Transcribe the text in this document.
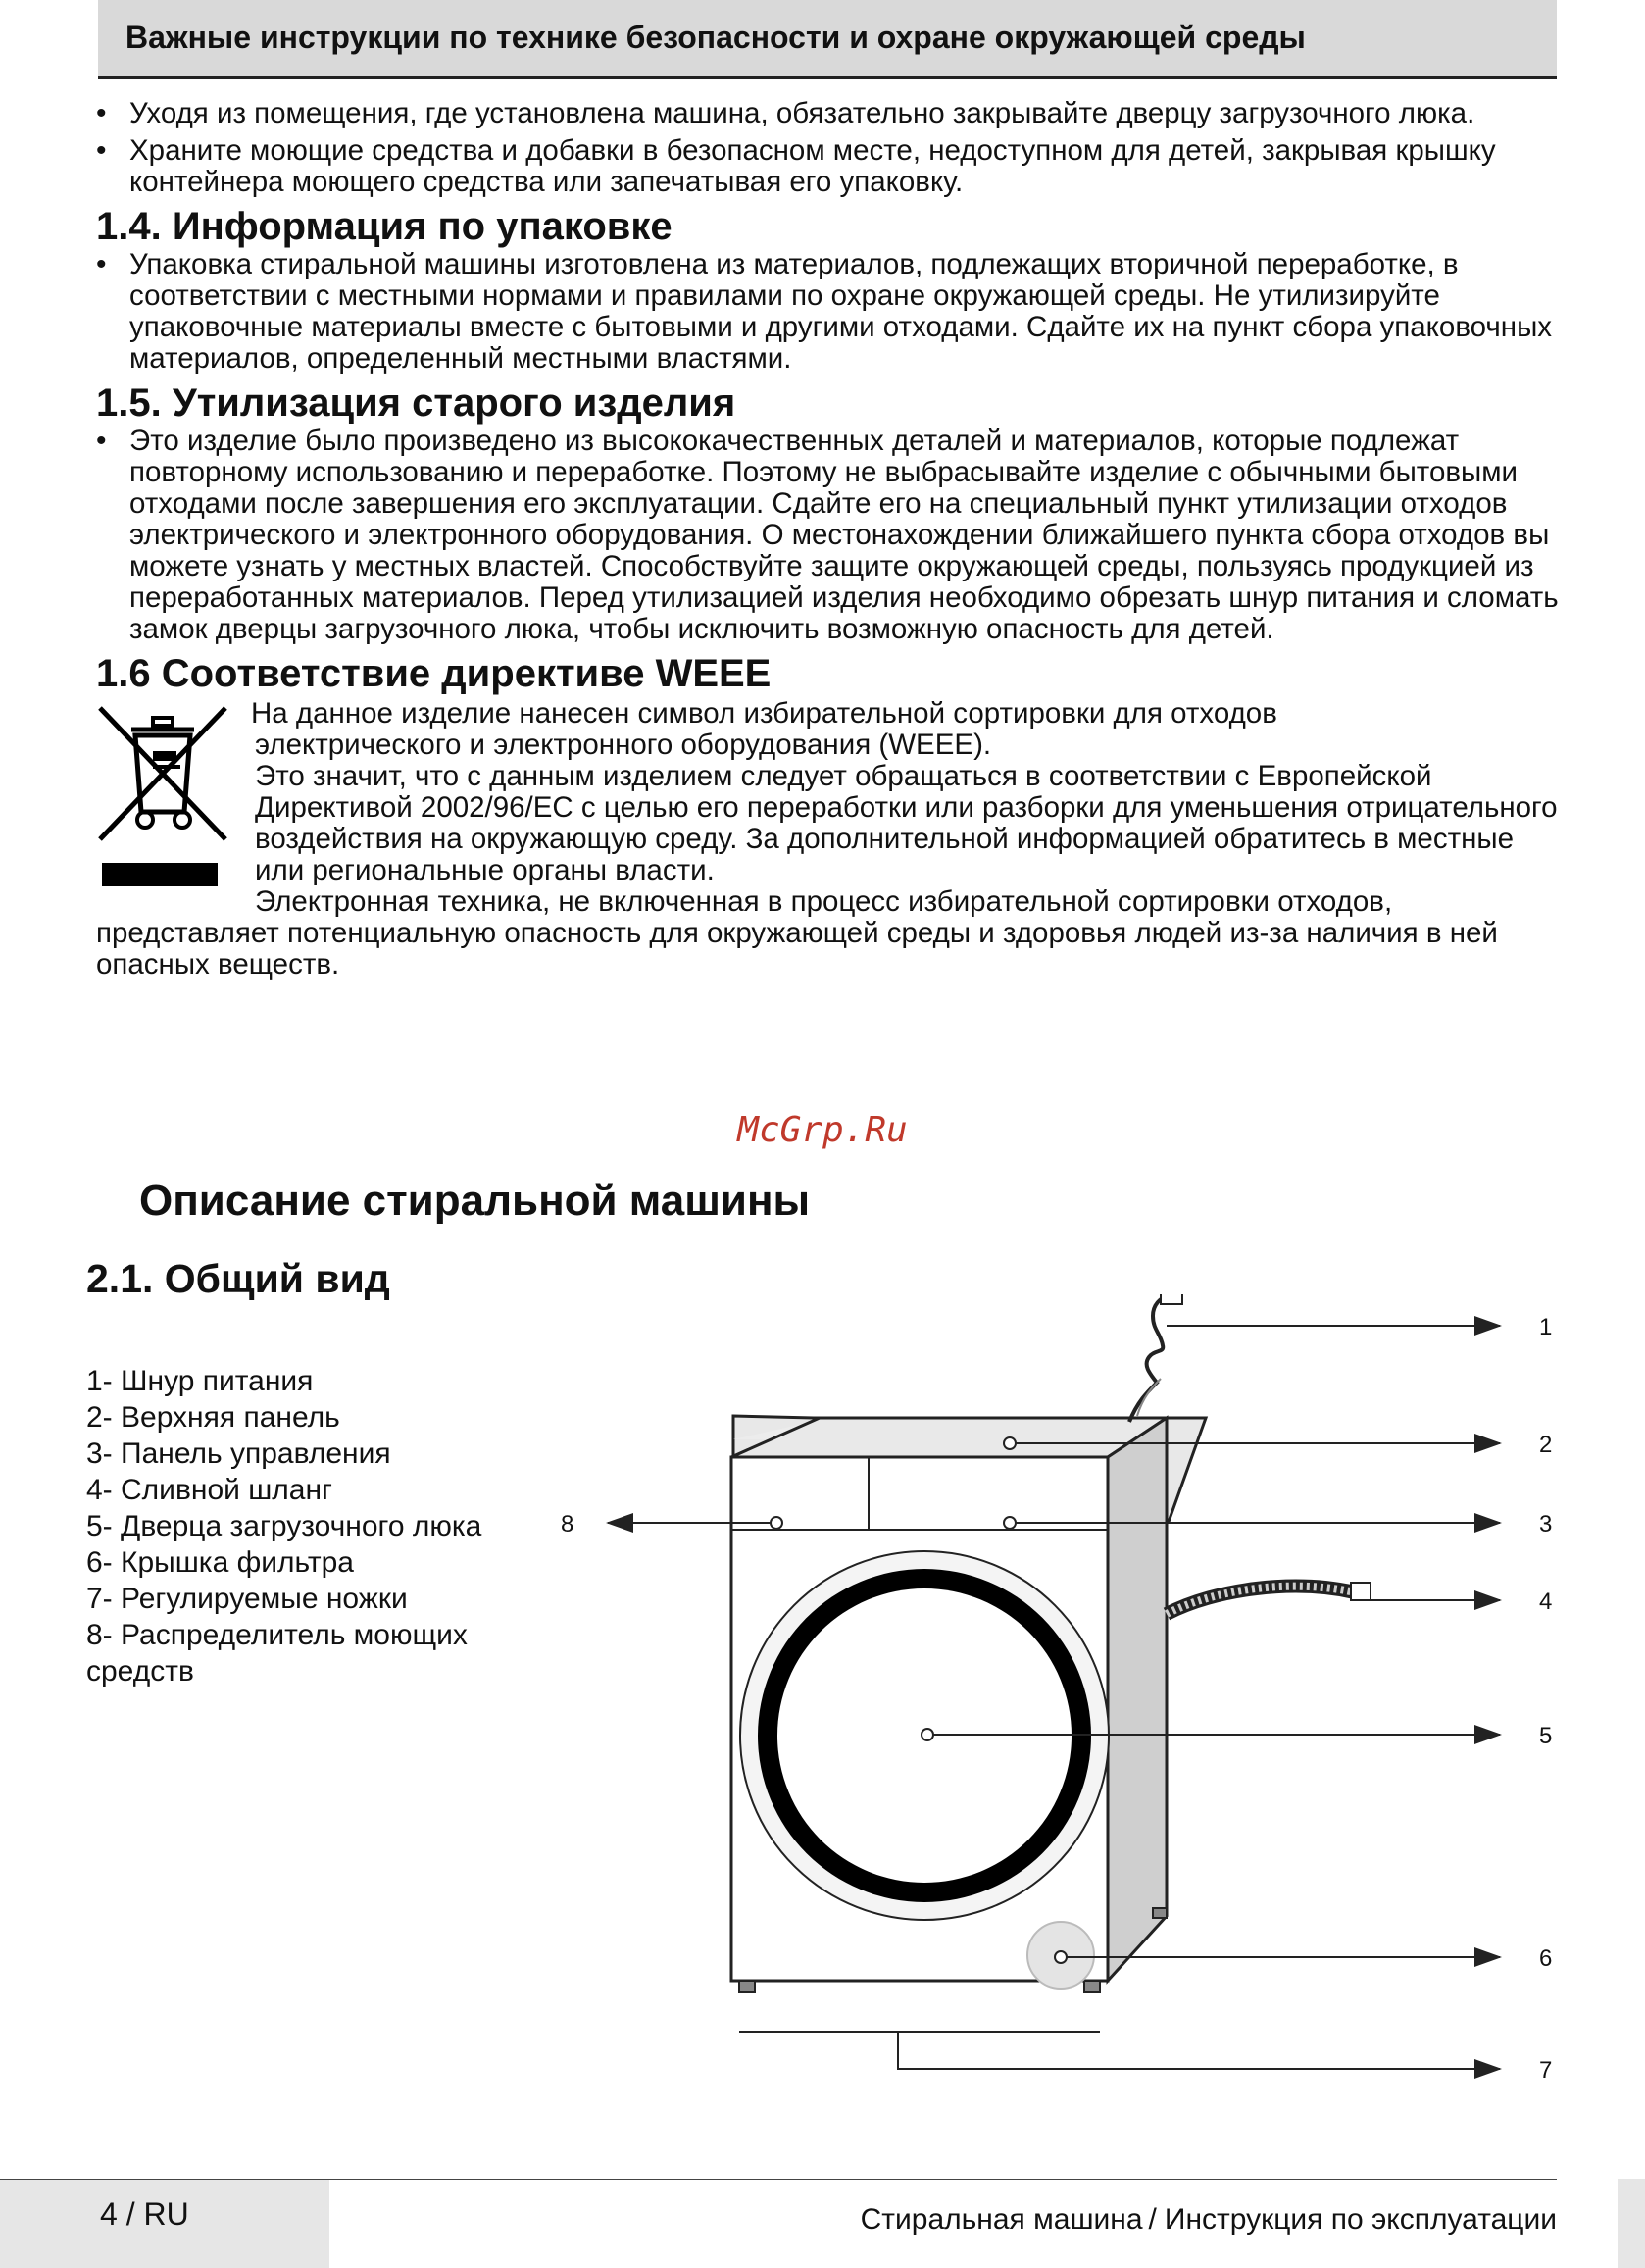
Важные инструкции по технике безопасности и охране окружающей среды
• Уходя из помещения, где установлена машина, обязательно закрывайте дверцу загрузочного люка.
• Храните моющие средства и добавки в безопасном месте, недоступном для детей, закрывая крышку контейнера моющего средства или запечатывая его упаковку.
1.4. Информация по упаковке
• Упаковка стиральной машины изготовлена из материалов, подлежащих вторичной переработке, в соответствии с местными нормами и правилами по охране окружающей среды. Не утилизируйте упаковочные материалы вместе с бытовыми и другими отходами. Сдайте их на пункт сбора упаковочных материалов, определенный местными властями.
1.5. Утилизация старого изделия
• Это изделие было произведено из высококачественных деталей и материалов, которые подлежат повторному использованию и переработке. Поэтому не выбрасывайте изделие с обычными бытовыми отходами после завершения его эксплуатации. Сдайте его на специальный пункт утилизации отходов электрического и электронного оборудования. О местонахождении ближайшего пункта сбора отходов вы можете узнать у местных властей. Способствуйте защите окружающей среды, пользуясь продукцией из переработанных материалов. Перед утилизацией изделия необходимо обрезать шнур питания и сломать замок дверцы загрузочного люка, чтобы исключить возможную опасность для детей.
1.6 Соответствие директиве WEEE
На данное изделие нанесен символ избирательной сортировки для отходов
электрического и электронного оборудования (WEEE).
Это значит, что с данным изделием следует обращаться в соответствии с Европейской Директивой 2002/96/EC с целью его переработки или разборки для уменьшения отрицательного воздействия на окружающую среду. За дополнительной информацией обратитесь в местные или региональные органы власти.
Электронная техника, не включенная в процесс избирательной сортировки отходов,
представляет потенциальную опасность для окружающей среды и здоровья людей из-за наличия в ней опасных веществ.
McGrp.Ru
Описание стиральной машины
2.1. Общий вид
1- Шнур питания
2- Верхняя панель
3- Панель управления
4- Сливной шланг
5- Дверца загрузочного люка
6- Крышка фильтра
7- Регулируемые ножки
8- Распределитель моющих средств
1
2
3
4
5
6
7
8
4 / RU	Стиральная машина / Инструкция по эксплуатации
